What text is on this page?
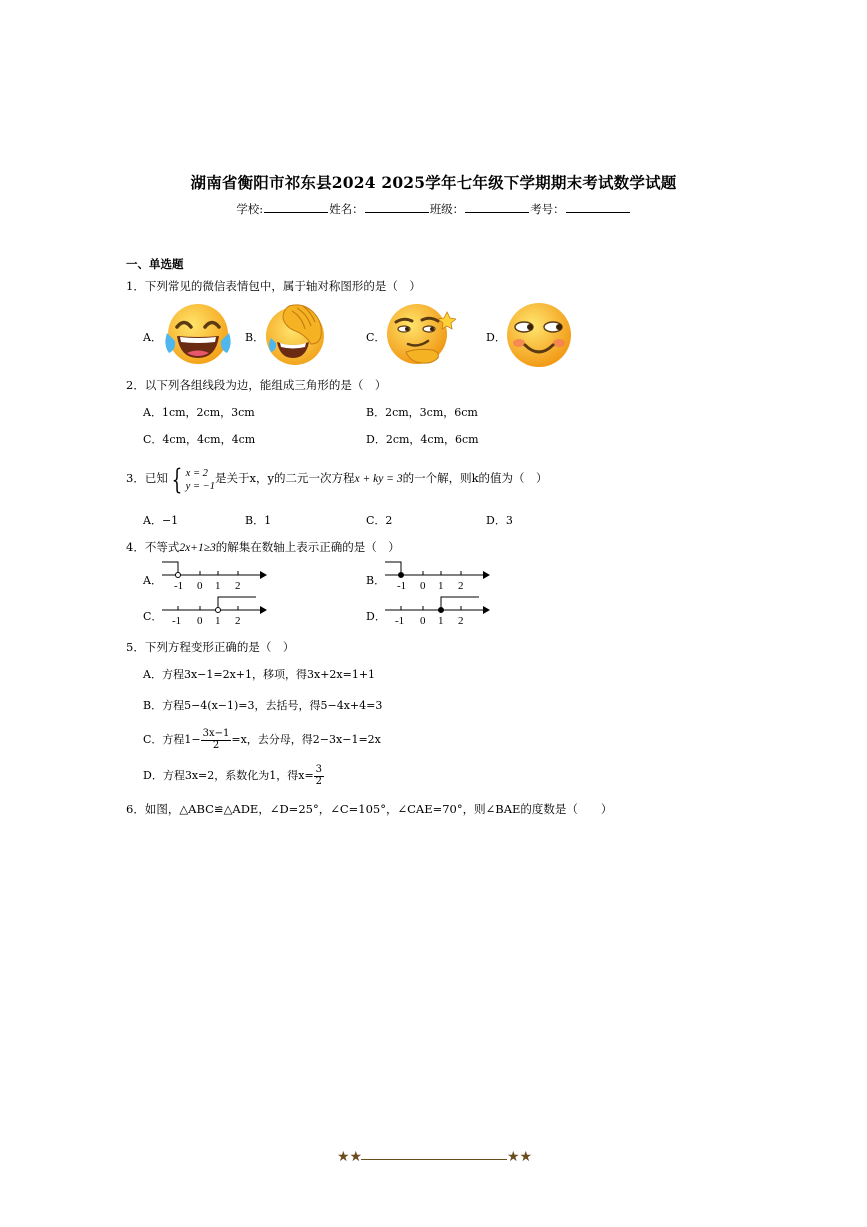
湖南省衡阳市祁东县2024 2025学年七年级下学期期末考试数学试题
学校:	姓名：	班级：	考号：
一、单选题
1．下列常见的微信表情包中，属于轴对称图形的是（　）
A．	B．	C．	D．
2．以下列各组线段为边，能组成三角形的是（　）
A．1cm，2cm，3cm	B．2cm，3cm，6cm
C．4cm，4cm，4cm	D．2cm，4cm，6cm
3．已知 { x = 2
y = −1是关于x，y的二元一次方程x + ky = 3的一个解，则k的值为（　）
A．−1	B．1	C．2	D．3
4．不等式2x+1≥3的解集在数轴上表示正确的是（　）
A．	B．
C．	D．
-1 0 1 2	-1 0 1 2
-1 0 1 2	-1 0 1 2
5．下列方程变形正确的是（　）
A．方程3x−1=2x+1，移项，得3x+2x=1+1
B．方程5−4(x−1)=3，去括号，得5−4x+4=3
C．方程$1- \frac{3x-1}{2} =x$，去分母，得2−3x−1=2x
D．方程3x=2，系数化为1，得$x= \frac{3}{2}$
6．如图，△ABC≌△ADE，∠D=25°，∠C=105°，∠CAE=70°，则∠BAE的度数是（　　）
★★	★★
